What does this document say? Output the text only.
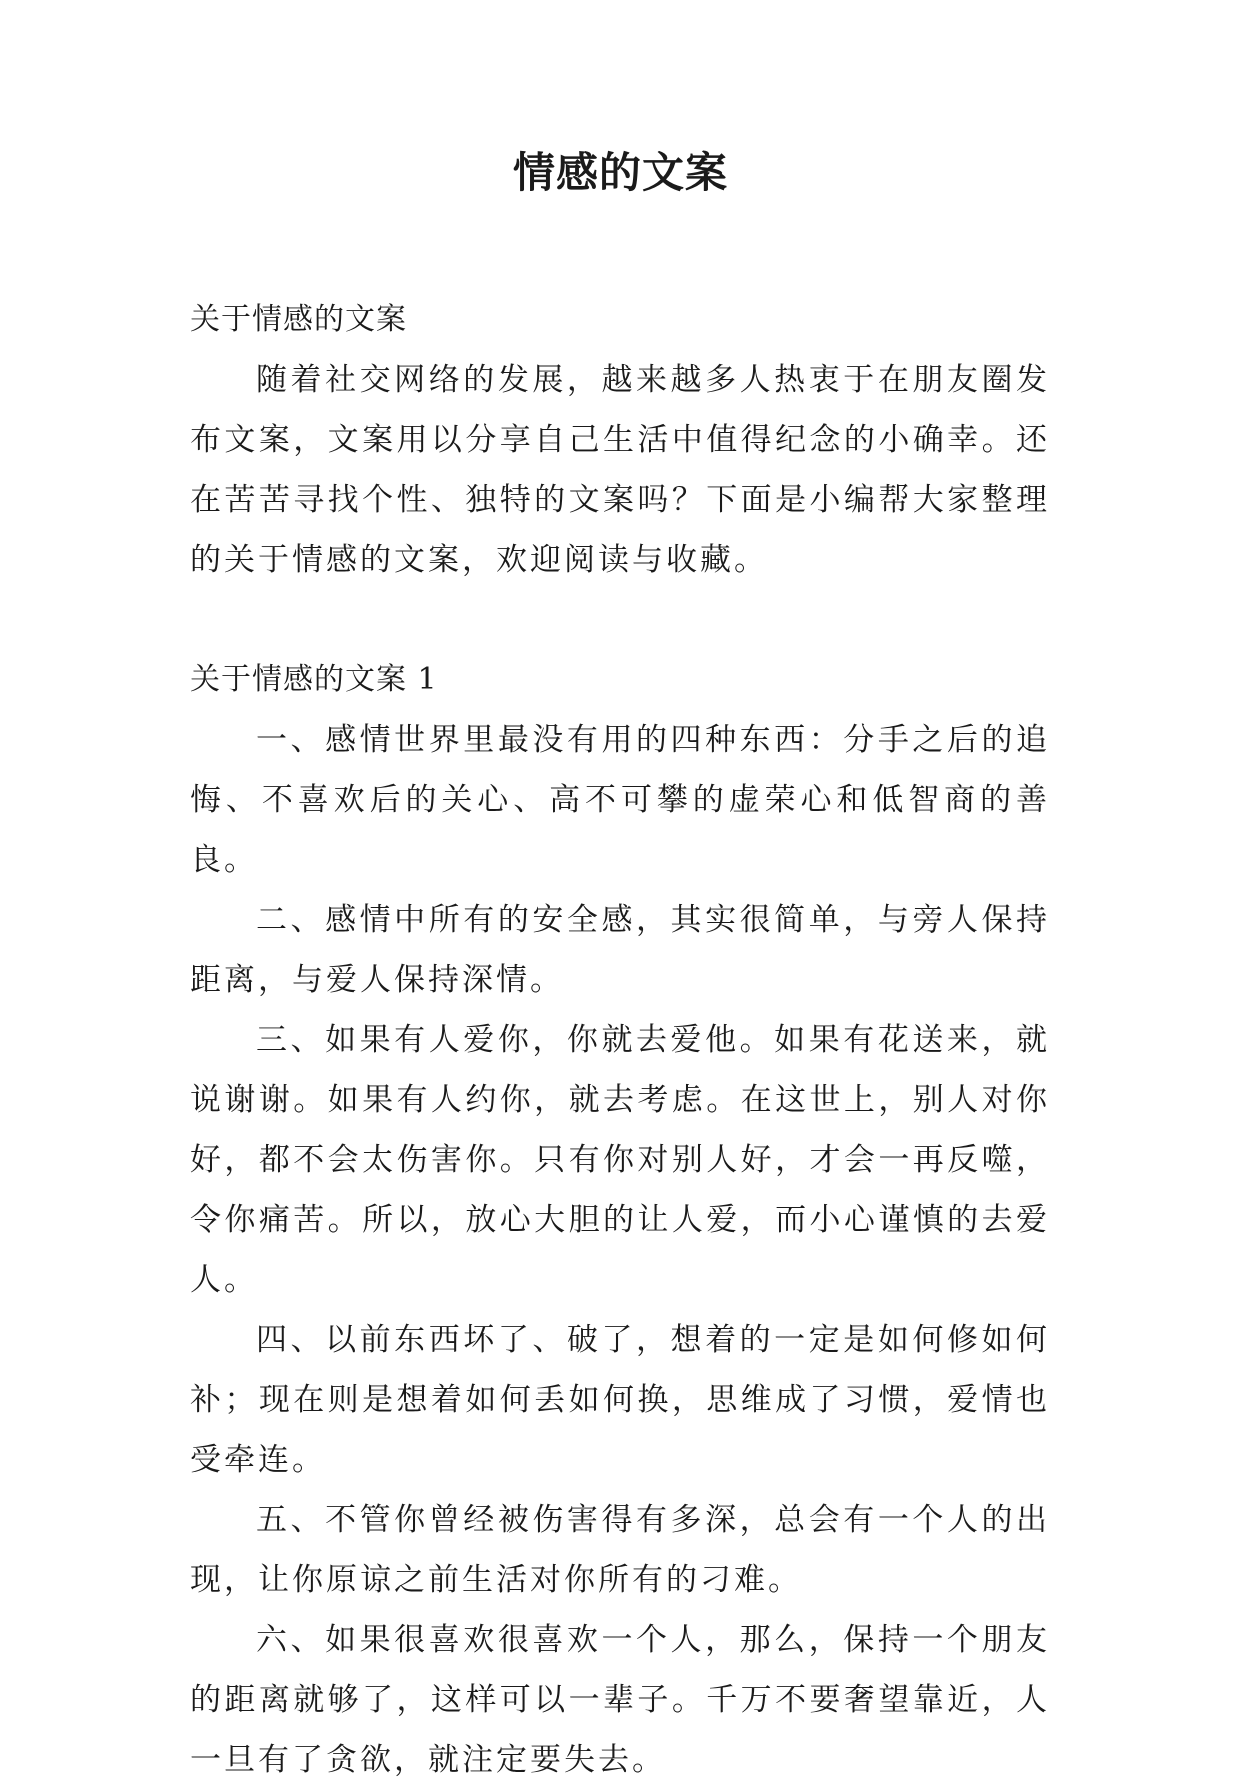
情感的文案

关于情感的文案

随着社交网络的发展，越来越多人热衷于在朋友圈发布文案，文案用以分享自己生活中值得纪念的小确幸。还在苦苦寻找个性、独特的文案吗？下面是小编帮大家整理的关于情感的文案，欢迎阅读与收藏。

关于情感的文案 1

一、感情世界里最没有用的四种东西：分手之后的追悔、不喜欢后的关心、高不可攀的虚荣心和低智商的善良。

二、感情中所有的安全感，其实很简单，与旁人保持距离，与爱人保持深情。

三、如果有人爱你，你就去爱他。如果有花送来，就说谢谢。如果有人约你，就去考虑。在这世上，别人对你好，都不会太伤害你。只有你对别人好，才会一再反噬，令你痛苦。所以，放心大胆的让人爱，而小心谨慎的去爱人。

四、以前东西坏了、破了，想着的一定是如何修如何补；现在则是想着如何丢如何换，思维成了习惯，爱情也受牵连。

五、不管你曾经被伤害得有多深，总会有一个人的出现，让你原谅之前生活对你所有的刁难。

六、如果很喜欢很喜欢一个人，那么，保持一个朋友的距离就够了，这样可以一辈子。千万不要奢望靠近，人一旦有了贪欲，就注定要失去。
